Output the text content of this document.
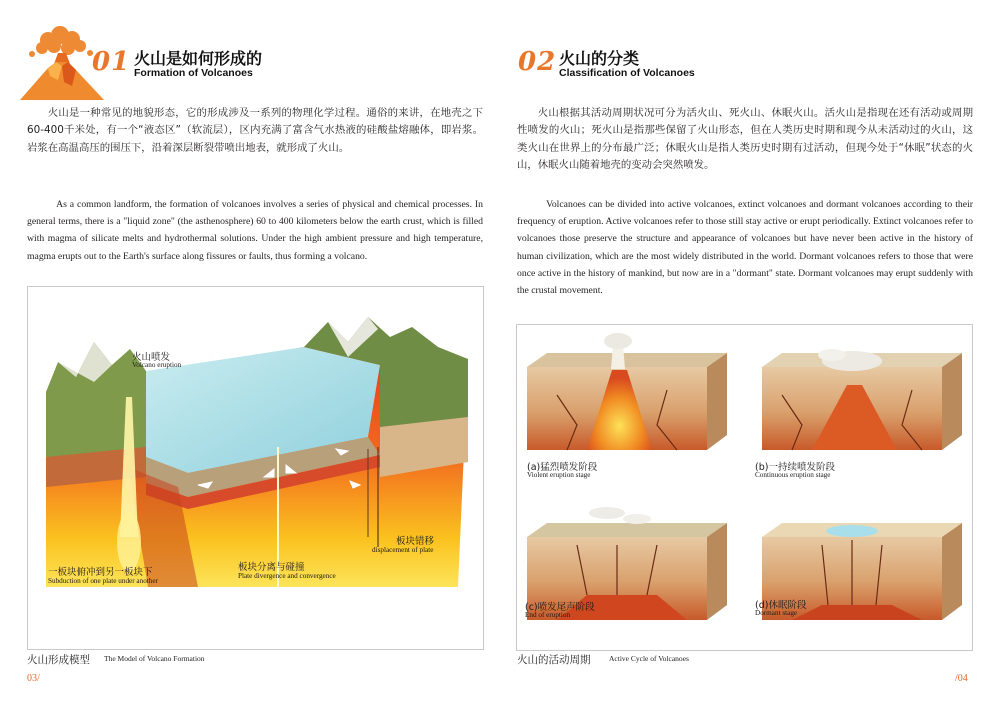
01 火山是如何形成的
Formation of Volcanoes
火山是一种常见的地貌形态，它的形成涉及一系列的物理化学过程。通俗的来讲，在地壳之下60-400千米处，有一个“液态区”（软流层），区内充满了富含气水热液的硅酸盐熔融体，即岩浆。岩浆在高温高压的围压下，沿着深层断裂带喷出地表，就形成了火山。
As a common landform, the formation of volcanoes involves a series of physical and chemical processes. In general terms, there is a "liquid zone" (the asthenosphere) 60 to 400 kilometers below the earth crust, which is filled with magma of silicate melts and hydrothermal solutions. Under the high ambient pressure and high temperature, magma erupts out to the Earth's surface along fissures or faults, thus forming a volcano.
火山喷发
Volcano eruption
板块错移
displacement of plate
板块分离与碰撞
Plate divergence and convergence
一板块俯冲到另一板块下
Subduction of one plate under another
火山形成模型 The Model of Volcano Formation
03/
02 火山的分类
Classification of Volcanoes
火山根据其活动周期状况可分为活火山、死火山、休眠火山。活火山是指现在还有活动或周期性喷发的火山；死火山是指那些保留了火山形态，但在人类历史时期和现今从未活动过的火山，这类火山在世界上的分布最广泛；休眠火山是指人类历史时期有过活动，但现今处于“休眠”状态的火山，休眠火山随着地壳的变动会突然喷发。
Volcanoes can be divided into active volcanoes, extinct volcanoes and dormant volcanoes according to their frequency of eruption. Active volcanoes refer to those still stay active or erupt periodically. Extinct volcanoes refer to volcanoes those preserve the structure and appearance of volcanoes but have never been active in the history of human civilization, which are the most widely distributed in the world. Dormant volcanoes refers to those that were once active in the history of mankind, but now are in a "dormant" state. Dormant volcanoes may erupt suddenly with the crustal movement.
(a)猛烈喷发阶段
Violent eruption stage
(b)一持续喷发阶段
Continuous eruption stage
(c)喷发尾声阶段
End of eruption
(d)休眠阶段
Dormant stage
火山的活动周期 Active Cycle of Volcanoes
/04
